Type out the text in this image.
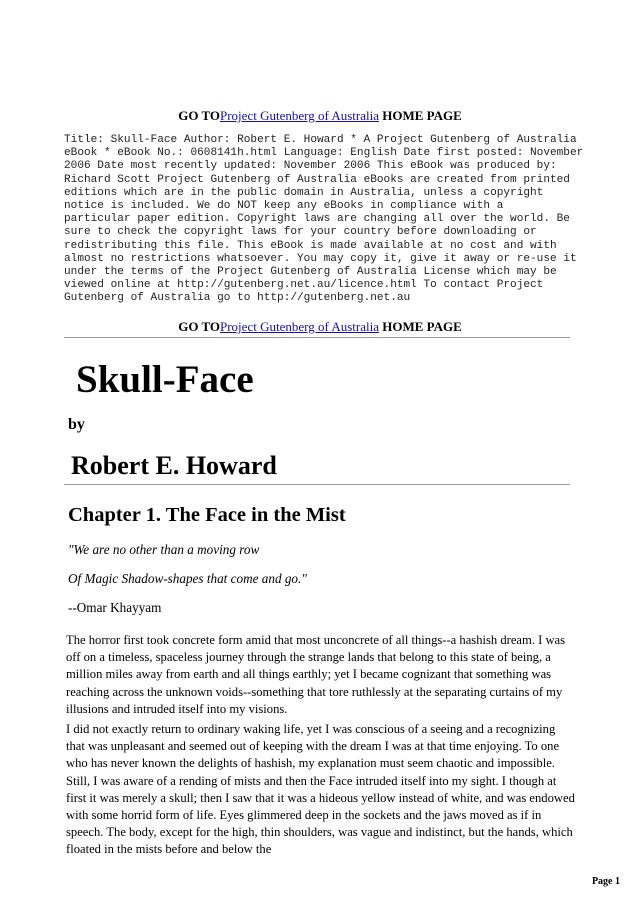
GO TOProject Gutenberg of Australia HOME PAGE
Title: Skull-Face Author: Robert E. Howard * A Project Gutenberg of Australia
eBook * eBook No.: 0608141h.html Language: English Date first posted: November
2006 Date most recently updated: November 2006 This eBook was produced by:
Richard Scott Project Gutenberg of Australia eBooks are created from printed
editions which are in the public domain in Australia, unless a copyright
notice is included. We do NOT keep any eBooks in compliance with a
particular paper edition. Copyright laws are changing all over the world. Be
sure to check the copyright laws for your country before downloading or
redistributing this file. This eBook is made available at no cost and with
almost no restrictions whatsoever. You may copy it, give it away or re-use it
under the terms of the Project Gutenberg of Australia License which may be
viewed online at http://gutenberg.net.au/licence.html To contact Project
Gutenberg of Australia go to http://gutenberg.net.au
GO TOProject Gutenberg of Australia HOME PAGE
Skull-Face
by
Robert E. Howard
Chapter 1. The Face in the Mist
"We are no other than a moving row
Of Magic Shadow-shapes that come and go."
--Omar Khayyam
The horror first took concrete form amid that most unconcrete of all things--a hashish dream. I was off on a timeless, spaceless journey through the strange lands that belong to this state of being, a million miles away from earth and all things earthly; yet I became cognizant that something was reaching across the unknown voids--something that tore ruthlessly at the separating curtains of my illusions and intruded itself into my visions.
I did not exactly return to ordinary waking life, yet I was conscious of a seeing and a recognizing that was unpleasant and seemed out of keeping with the dream I was at that time enjoying. To one who has never known the delights of hashish, my explanation must seem chaotic and impossible. Still, I was aware of a rending of mists and then the Face intruded itself into my sight. I though at first it was merely a skull; then I saw that it was a hideous yellow instead of white, and was endowed with some horrid form of life. Eyes glimmered deep in the sockets and the jaws moved as if in speech. The body, except for the high, thin shoulders, was vague and indistinct, but the hands, which floated in the mists before and below the
Page 1
